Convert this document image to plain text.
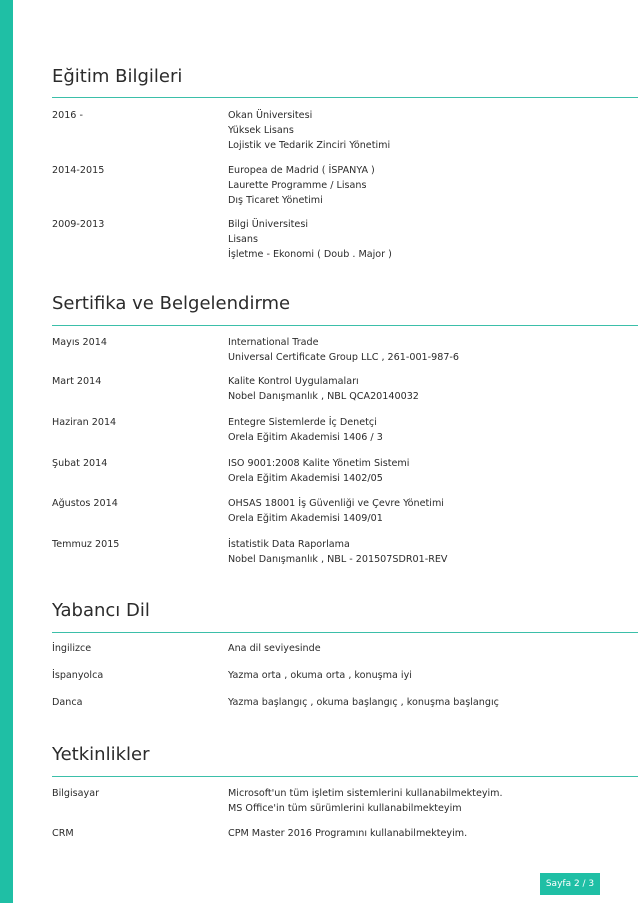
Eğitim Bilgileri
2016 -	Okan Üniversitesi
Yüksek Lisans
Lojistik ve Tedarik Zinciri Yönetimi
2014-2015	Europea de Madrid ( İSPANYA )
Laurette Programme / Lisans
Dış Ticaret Yönetimi
2009-2013	Bilgi Üniversitesi
Lisans
İşletme - Ekonomi ( Doub . Major )
Sertifika ve Belgelendirme
Mayıs 2014	International Trade
Universal Certificate Group LLC , 261-001-987-6
Mart 2014	Kalite Kontrol Uygulamaları
Nobel Danışmanlık , NBL QCA20140032
Haziran 2014	Entegre Sistemlerde İç Denetçi
Orela Eğitim Akademisi 1406 / 3
Şubat 2014	ISO 9001:2008 Kalite Yönetim Sistemi
Orela Eğitim Akademisi 1402/05
Ağustos 2014	OHSAS 18001 İş Güvenliği ve Çevre Yönetimi
Orela Eğitim Akademisi 1409/01
Temmuz 2015	İstatistik Data Raporlama
Nobel Danışmanlık , NBL - 201507SDR01-REV
Yabancı Dil
İngilizce	Ana dil seviyesinde
İspanyolca	Yazma orta , okuma orta , konuşma iyi
Danca	Yazma başlangıç , okuma başlangıç , konuşma başlangıç
Yetkinlikler
Bilgisayar	Microsoft'un tüm işletim sistemlerini kullanabilmekteyim.
MS Office'in tüm sürümlerini kullanabilmekteyim
CRM	CPM Master 2016 Programını kullanabilmekteyim.
Sayfa 2 / 3
